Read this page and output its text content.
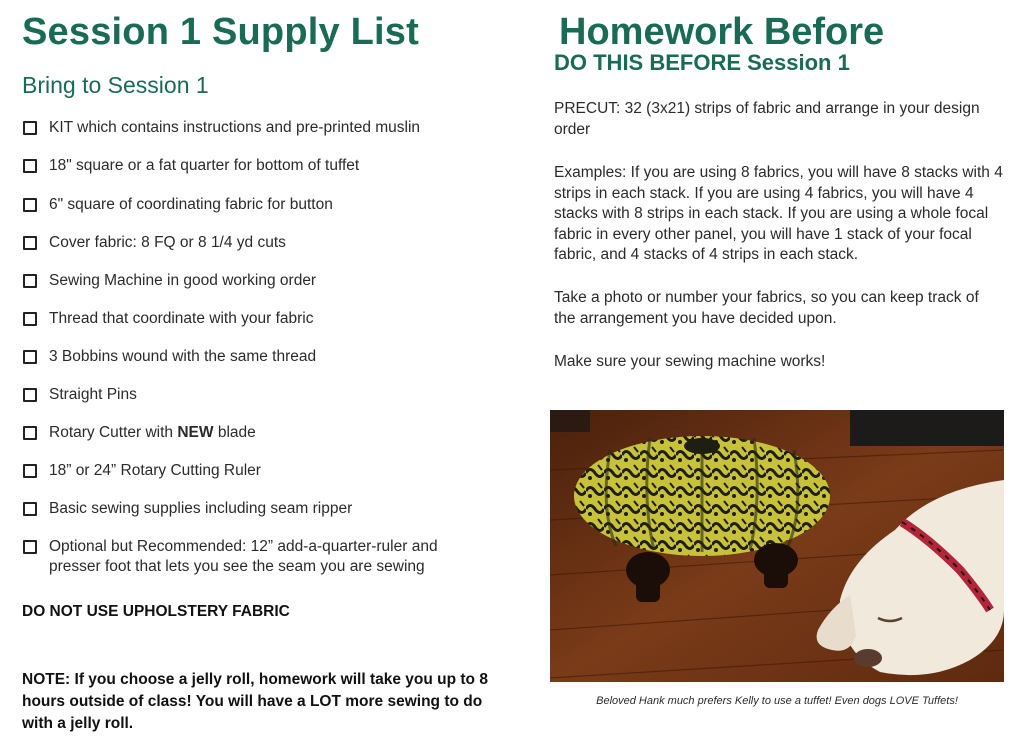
Session 1 Supply List
Bring to Session 1
KIT which contains instructions and pre-printed muslin
18" square or a fat quarter for bottom of tuffet
6" square of coordinating fabric for button
Cover fabric: 8 FQ or 8 1/4 yd cuts
Sewing Machine in good working order
Thread that coordinate with your fabric
3 Bobbins wound with the same thread
Straight Pins
Rotary Cutter with NEW blade
18” or 24” Rotary Cutting Ruler
Basic sewing supplies including seam ripper
Optional but Recommended: 12” add-a-quarter-ruler and presser foot that lets you see the seam you are sewing

DO NOT USE UPHOLSTERY FABRIC

NOTE: If you choose a jelly roll, homework will take you up to 8 hours outside of class! You will have a LOT more sewing to do with a jelly roll.

Homework Before
DO THIS BEFORE Session 1

PRECUT: 32 (3x21) strips of fabric and arrange in your design order

Examples: If you are using 8 fabrics, you will have 8 stacks with 4 strips in each stack. If you are using 4 fabrics, you will have 4 stacks with 8 strips in each stack. If you are using a whole focal fabric in every other panel, you will have 1 stack of your focal fabric, and 4 stacks of 4 strips in each stack.

Take a photo or number your fabrics, so you can keep track of the arrangement you have decided upon.

Make sure your sewing machine works!

Beloved Hank much prefers Kelly to use a tuffet! Even dogs LOVE Tuffets!
